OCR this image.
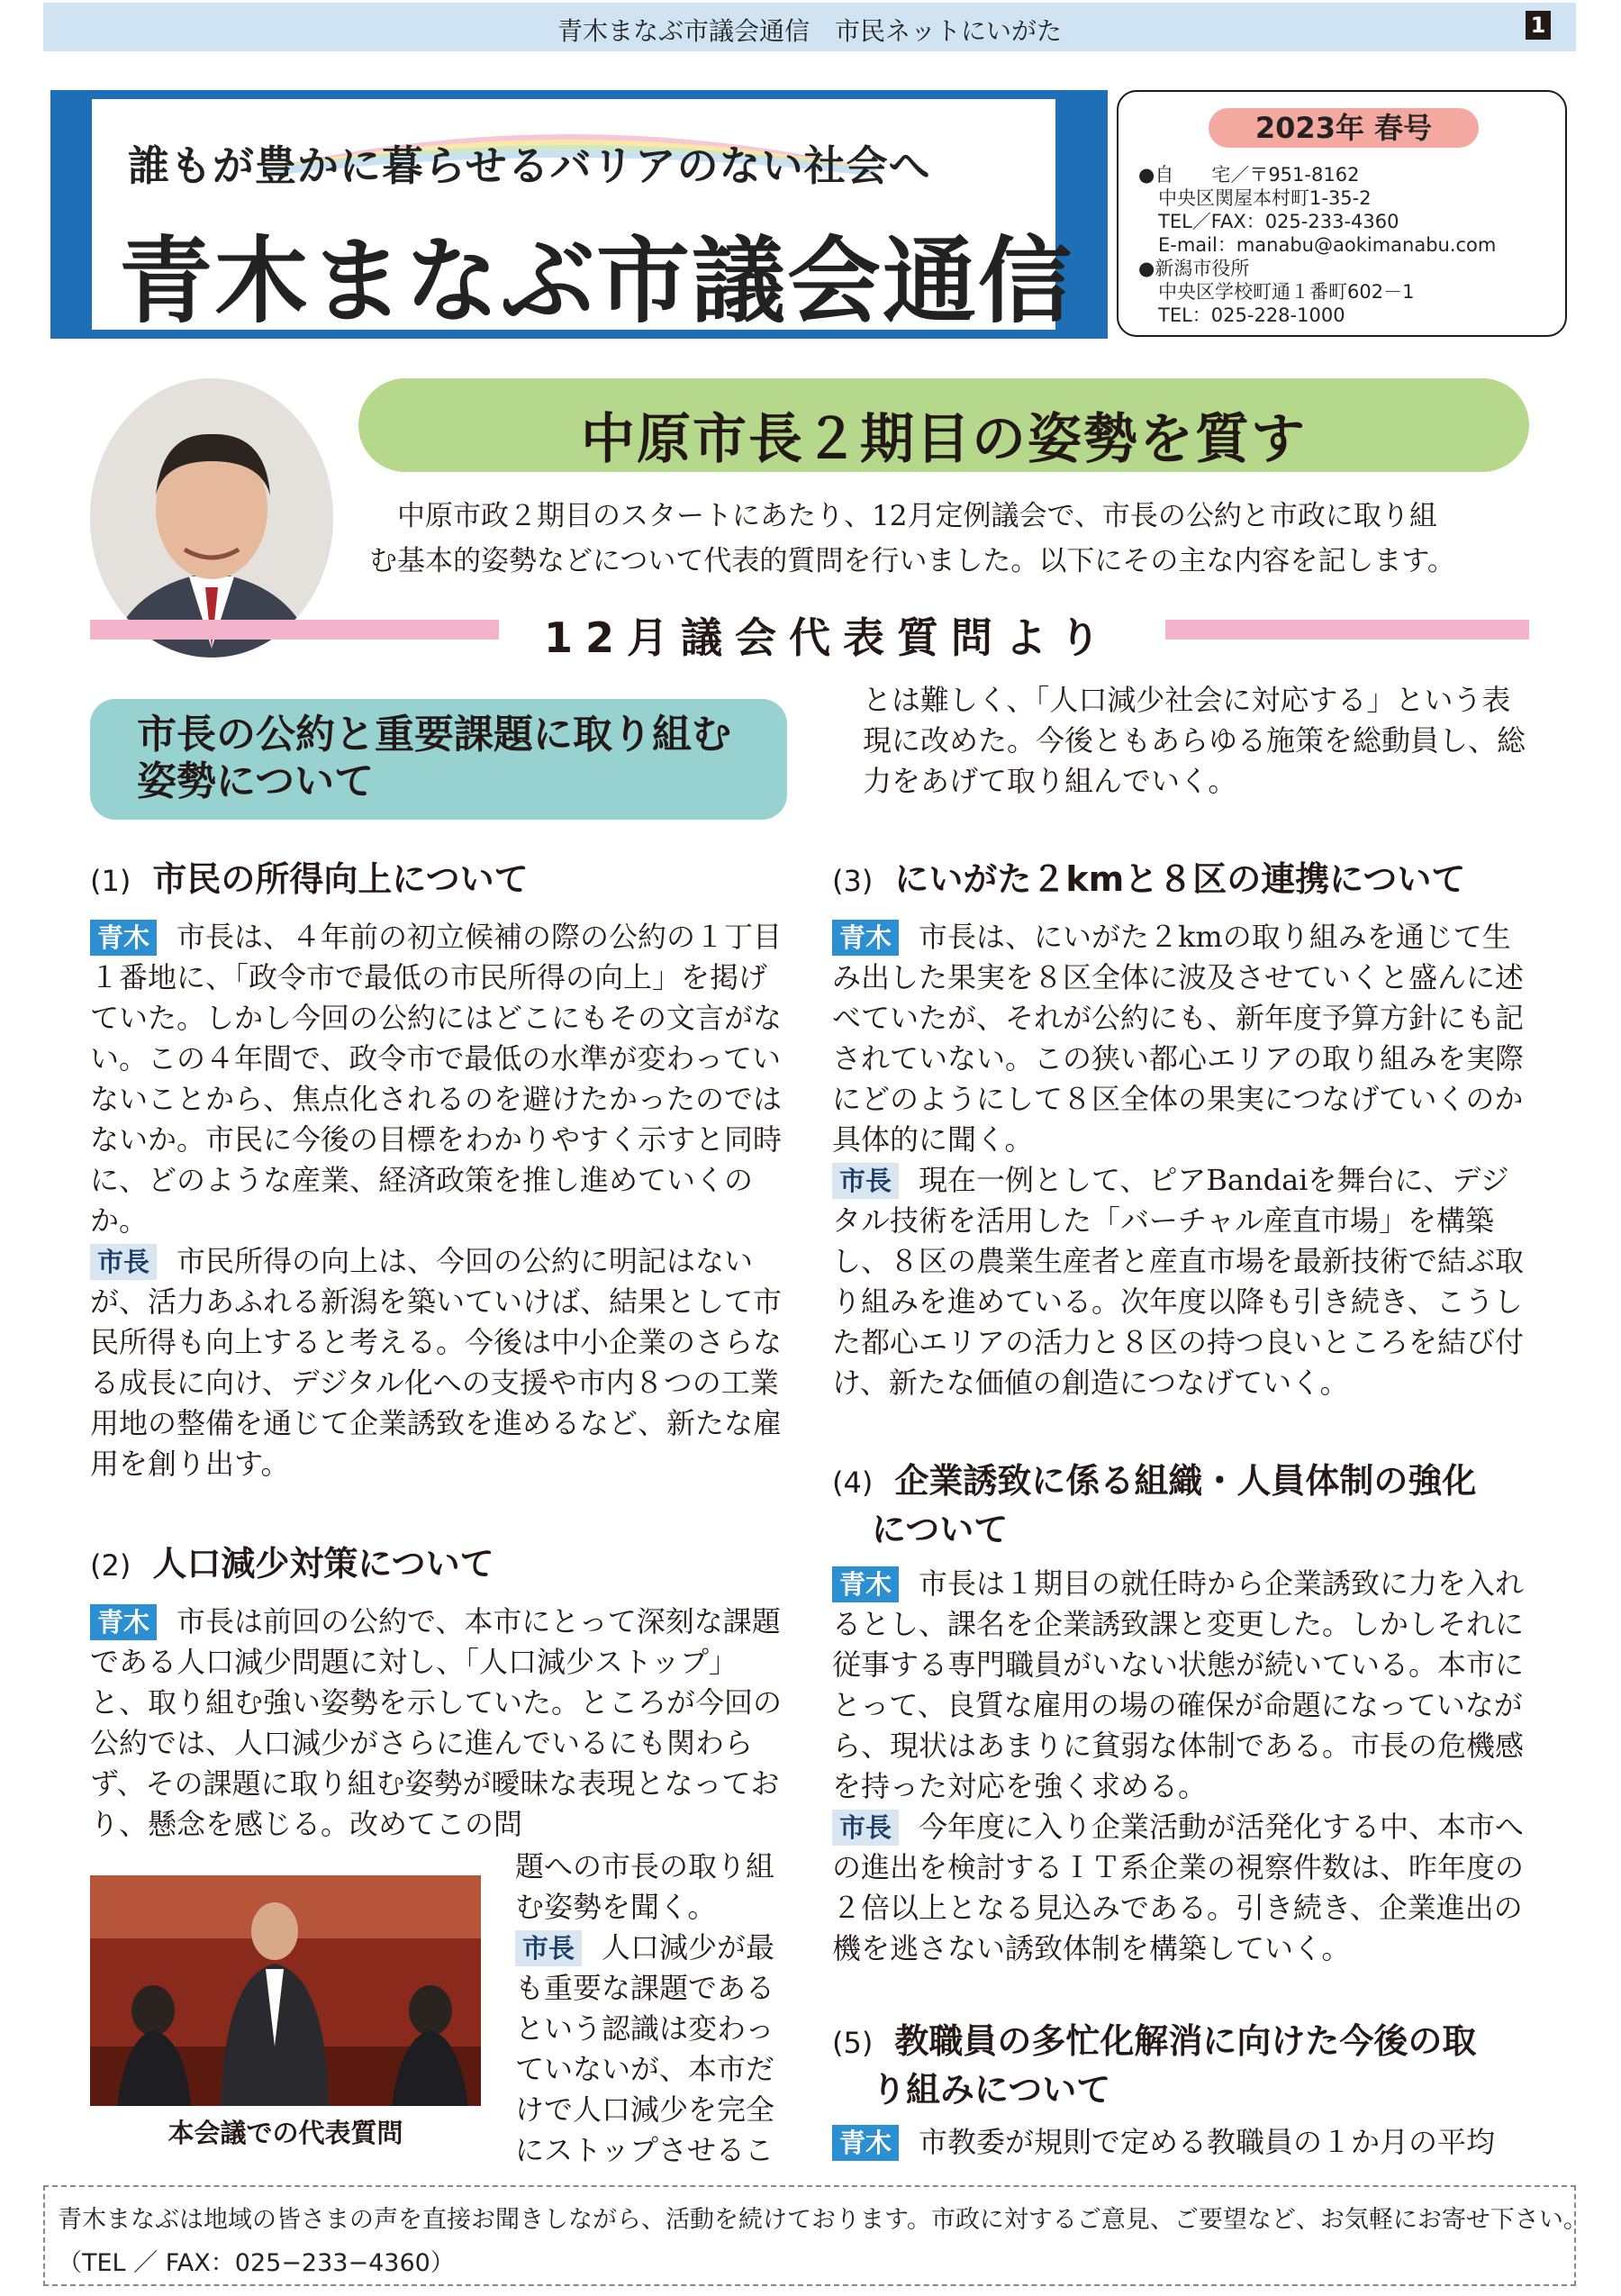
青木まなぶ市議会通信　市民ネットにいがた	1
誰もが豊かに暮らせるバリアのない社会へ
青木まなぶ市議会通信
2023年 春号
●自　　宅／〒951-8162
中央区関屋本村町1-35-2
TEL／FAX：025-233-4360
E-mail：manabu@aokimanabu.com
●新潟市役所
中央区学校町通１番町602－1
TEL：025-228-1000
中原市長２期目の姿勢を質す

　中原市政２期目のスタートにあたり、12月定例議会で、市長の公約と市政に取り組

む基本的姿勢などについて代表的質問を行いました。以下にその主な内容を記します。

12月議会代表質問より
市長の公約と重要課題に取り組む
姿勢について
(1) 市民の所得向上について

青木 市長は、４年前の初立候補の際の公約の１丁目１番地に、「政令市で最低の市民所得の向上」を掲げていた。しかし今回の公約にはどこにもその文言がない。この４年間で、政令市で最低の水準が変わっていないことから、焦点化されるのを避けたかったのではないか。市民に今後の目標をわかりやすく示すと同時に、どのような産業、経済政策を推し進めていくのか。

市長 市民所得の向上は、今回の公約に明記はないが、活力あふれる新潟を築いていけば、結果として市民所得も向上すると考える。今後は中小企業のさらなる成長に向け、デジタル化への支援や市内８つの工業用地の整備を通じて企業誘致を進めるなど、新たな雇用を創り出す。

(2) 人口減少対策について

青木 市長は前回の公約で、本市にとって深刻な課題である人口減少問題に対し、「人口減少ストップ」と、取り組む強い姿勢を示していた。ところが今回の公約では、人口減少がさらに進んでいるにも関わらず、その課題に取り組む姿勢が曖昧な表現となっており、懸念を感じる。改めてこの問

題への市長の取り組む姿勢を聞く。

市長 人口減少が最も重要な課題であるという認識は変わっていないが、本市だけで人口減少を完全にストップさせるこ

本会議での代表質問

とは難しく、「人口減少社会に対応する」という表現に改めた。今後ともあらゆる施策を総動員し、総力をあげて取り組んでいく。

(3) にいがた２kmと８区の連携について

青木 市長は、にいがた２kmの取り組みを通じて生み出した果実を８区全体に波及させていくと盛んに述べていたが、それが公約にも、新年度予算方針にも記されていない。この狭い都心エリアの取り組みを実際にどのようにして８区全体の果実につなげていくのか具体的に聞く。

市長 現在一例として、ピアBandaiを舞台に、デジタル技術を活用した「バーチャル産直市場」を構築し、８区の農業生産者と産直市場を最新技術で結ぶ取り組みを進めている。次年度以降も引き続き、こうした都心エリアの活力と８区の持つ良いところを結び付け、新たな価値の創造につなげていく。

(4) 企業誘致に係る組織・人員体制の強化
について

青木 市長は１期目の就任時から企業誘致に力を入れるとし、課名を企業誘致課と変更した。しかしそれに従事する専門職員がいない状態が続いている。本市にとって、良質な雇用の場の確保が命題になっていながら、現状はあまりに貧弱な体制である。市長の危機感を持った対応を強く求める。

市長 今年度に入り企業活動が活発化する中、本市への進出を検討するＩＴ系企業の視察件数は、昨年度の２倍以上となる見込みである。引き続き、企業進出の機を逃さない誘致体制を構築していく。

(5) 教職員の多忙化解消に向けた今後の取
り組みについて

青木 市教委が規則で定める教職員の１か月の平均

青木まなぶは地域の皆さまの声を直接お聞きしながら、活動を続けております。市政に対するご意見、ご要望など、お気軽にお寄せ下さい。
（TEL ／ FAX：025−233−4360）
